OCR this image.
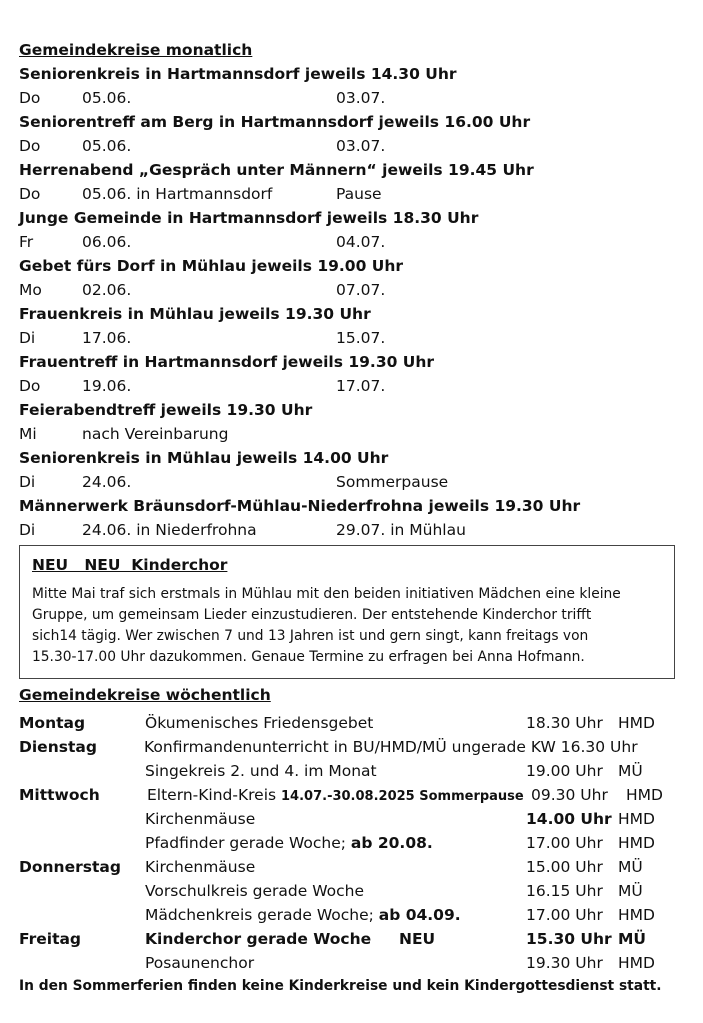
Gemeindekreise monatlich
Seniorenkreis in Hartmannsdorf jeweils 14.30 Uhr
Do	05.06.	03.07.
Seniorentreff am Berg in Hartmannsdorf jeweils 16.00 Uhr
Do	05.06.	03.07.
Herrenabend „Gespräch unter Männern“ jeweils 19.45 Uhr
Do	05.06. in Hartmannsdorf	Pause
Junge Gemeinde in Hartmannsdorf jeweils 18.30 Uhr
Fr	06.06.	04.07.
Gebet fürs Dorf in Mühlau jeweils 19.00 Uhr
Mo	02.06.	07.07.
Frauenkreis in Mühlau jeweils 19.30 Uhr
Di	17.06.	15.07.
Frauentreff in Hartmannsdorf jeweils 19.30 Uhr
Do	19.06.	17.07.
Feierabendtreff jeweils 19.30 Uhr
Mi	nach Vereinbarung
Seniorenkreis in Mühlau jeweils 14.00 Uhr
Di	24.06.	Sommerpause
Männerwerk Bräunsdorf-Mühlau-Niederfrohna jeweils 19.30 Uhr
Di	24.06. in Niederfrohna	29.07. in Mühlau
NEU   NEU  Kinderchor
Mitte Mai traf sich erstmals in Mühlau mit den beiden initiativen Mädchen eine kleine
Gruppe, um gemeinsam Lieder einzustudieren. Der entstehende Kinderchor trifft
sich14 tägig. Wer zwischen 7 und 13 Jahren ist und gern singt, kann freitags von
15.30-17.00 Uhr dazukommen. Genaue Termine zu erfragen bei Anna Hofmann.
Gemeindekreise wöchentlich
Montag	Ökumenisches Friedensgebet	18.30 Uhr HMD
Dienstag	Konfirmandenunterricht in BU/HMD/MÜ ungerade KW 16.30 Uhr
Singekreis 2. und 4. im Monat	19.00 Uhr MÜ
Mittwoch	Eltern-Kind-Kreis 14.07.-30.08.2025 Sommerpause 09.30 Uhr HMD
Kirchenmäuse	14.00 Uhr HMD
Pfadfinder gerade Woche; ab 20.08.	17.00 Uhr HMD
Donnerstag Kirchenmäuse	15.00 Uhr MÜ
Vorschulkreis gerade Woche	16.15 Uhr MÜ
Mädchenkreis gerade Woche; ab 04.09.	17.00 Uhr HMD
Freitag	Kinderchor gerade Woche NEU	15.30 Uhr MÜ
Posaunenchor	19.30 Uhr HMD
In den Sommerferien finden keine Kinderkreise und kein Kindergottesdienst statt.
